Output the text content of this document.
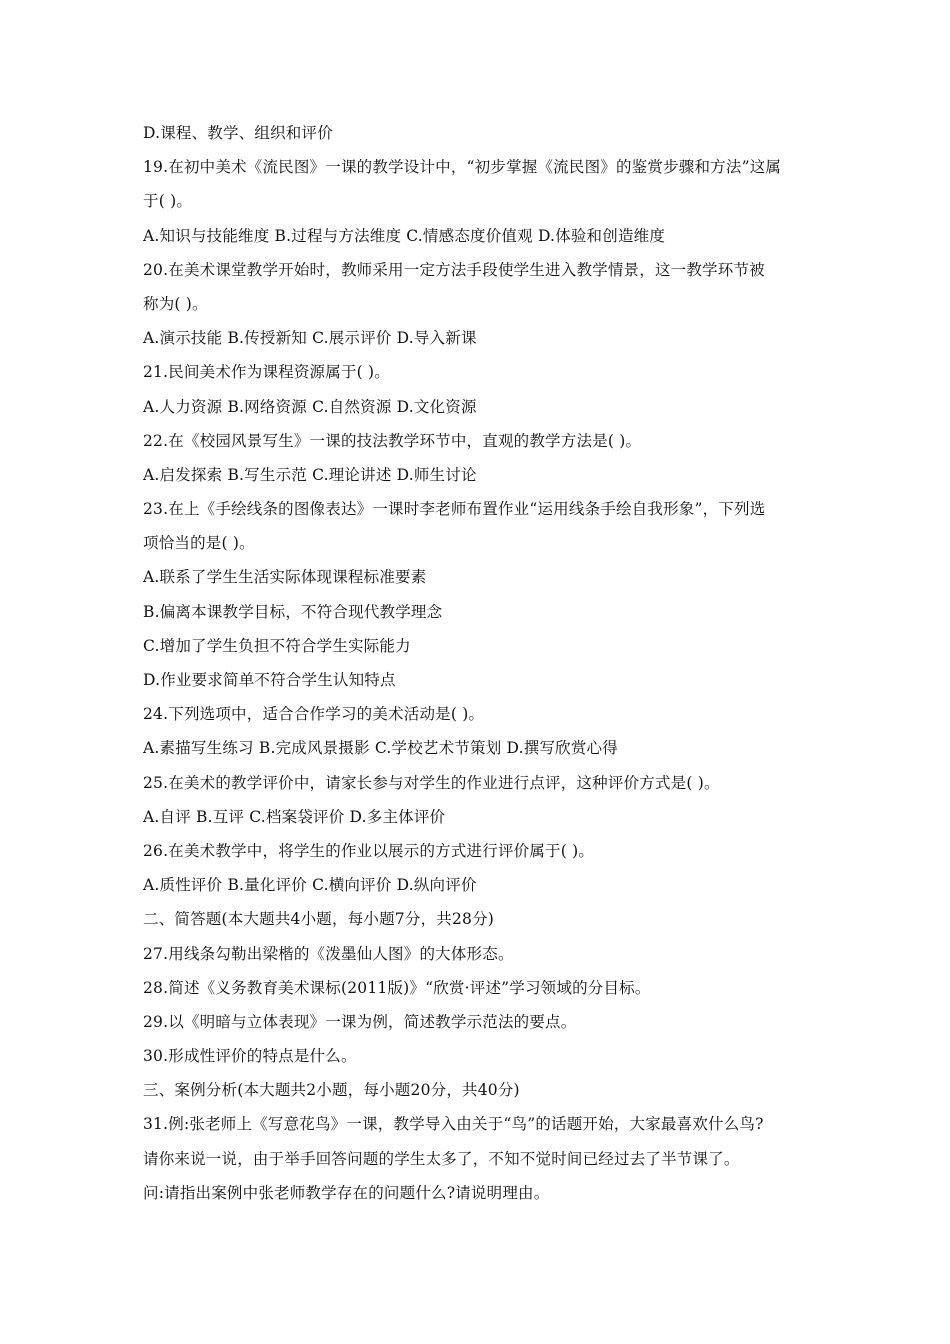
D.课程、教学、组织和评价
19.在初中美术《流民图》一课的教学设计中，“初步掌握《流民图》的鉴赏步骤和方法”这属
于( )。
A.知识与技能维度 B.过程与方法维度 C.情感态度价值观 D.体验和创造维度
20.在美术课堂教学开始时，教师采用一定方法手段使学生进入教学情景，这一教学环节被
称为( )。
A.演示技能 B.传授新知 C.展示评价 D.导入新课
21.民间美术作为课程资源属于( )。
A.人力资源 B.网络资源 C.自然资源 D.文化资源
22.在《校园风景写生》一课的技法教学环节中，直观的教学方法是( )。
A.启发探索 B.写生示范 C.理论讲述 D.师生讨论
23.在上《手绘线条的图像表达》一课时李老师布置作业“运用线条手绘自我形象”，下列选
项恰当的是( )。
A.联系了学生生活实际体现课程标准要素
B.偏离本课教学目标，不符合现代教学理念
C.增加了学生负担不符合学生实际能力
D.作业要求简单不符合学生认知特点
24.下列选项中，适合合作学习的美术活动是( )。
A.素描写生练习 B.完成风景摄影 C.学校艺术节策划 D.撰写欣赏心得
25.在美术的教学评价中，请家长参与对学生的作业进行点评，这种评价方式是( )。
A.自评 B.互评 C.档案袋评价 D.多主体评价
26.在美术教学中，将学生的作业以展示的方式进行评价属于( )。
A.质性评价 B.量化评价 C.横向评价 D.纵向评价
二、简答题(本大题共4小题，每小题7分，共28分)
27.用线条勾勒出梁楷的《泼墨仙人图》的大体形态。
28.简述《义务教育美术课标(2011版)》“欣赏·评述”学习领域的分目标。
29.以《明暗与立体表现》一课为例，简述教学示范法的要点。
30.形成性评价的特点是什么。
三、案例分析(本大题共2小题，每小题20分，共40分)
31.例:张老师上《写意花鸟》一课，教学导入由关于“鸟”的话题开始，大家最喜欢什么鸟?
请你来说一说，由于举手回答问题的学生太多了，不知不觉时间已经过去了半节课了。
问:请指出案例中张老师教学存在的问题什么?请说明理由。
